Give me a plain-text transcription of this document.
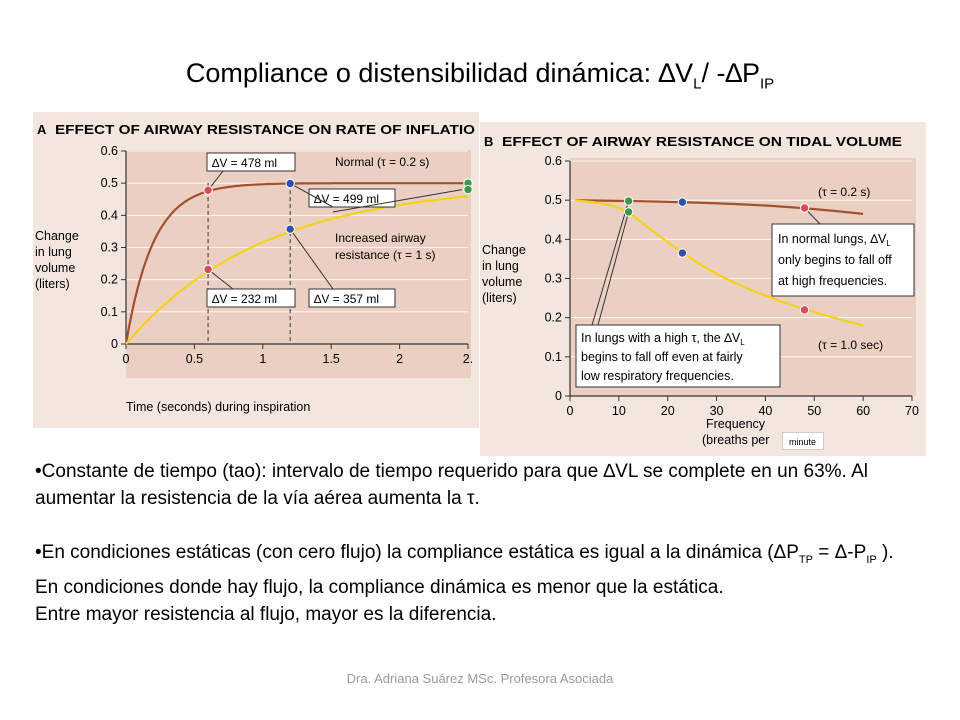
Compliance o distensibilidad dinámica: $\Delta V_L/$ $-\Delta P_{IP}$
A EFFECT OF AIRWAY RESISTANCE ON RATE OF INFLATIO
0
0.1
0.2
0.3
0.4
0.5
0.6
0	0.5	1	1.5	2	2.
Change
in lung
volume
(liters)
Time (seconds) during inspiration
Normal (τ = 0.2 s)
Increased airway
resistance (τ = 1 s)
∆V = 478 ml
∆V = 499 ml
∆V = 232 ml	∆V = 357 ml
B EFFECT OF AIRWAY RESISTANCE ON TIDAL VOLUME
0
0.1
0.2
0.3
0.4
0.5
0.6
0	10	20	30	40	50	60	70
Change
in lung
volume
(liters)
Frequency
(breaths per
(τ = 0.2 s)
(τ = 1.0 sec)
In normal lungs, $\Delta V_L$
only begins to fall off
at high frequencies.
In lungs with a high τ, the $\Delta V_L$
begins to fall off even at fairly
low respiratory frequencies.
minute

•Constante de tiempo (tao): intervalo de tiempo requerido para que ∆VL se complete en un 63%. Al aumentar la resistencia de la vía aérea aumenta la τ.

•En condiciones estáticas (con cero flujo) la compliance estática es igual a la dinámica ($\Delta P_{TP} = \Delta-P_{IP}$ ).

En condiciones donde hay flujo, la compliance dinámica es menor que la estática.

Entre mayor resistencia al flujo, mayor es la diferencia.

Dra. Adriana Suárez MSc. Profesora Asociada
